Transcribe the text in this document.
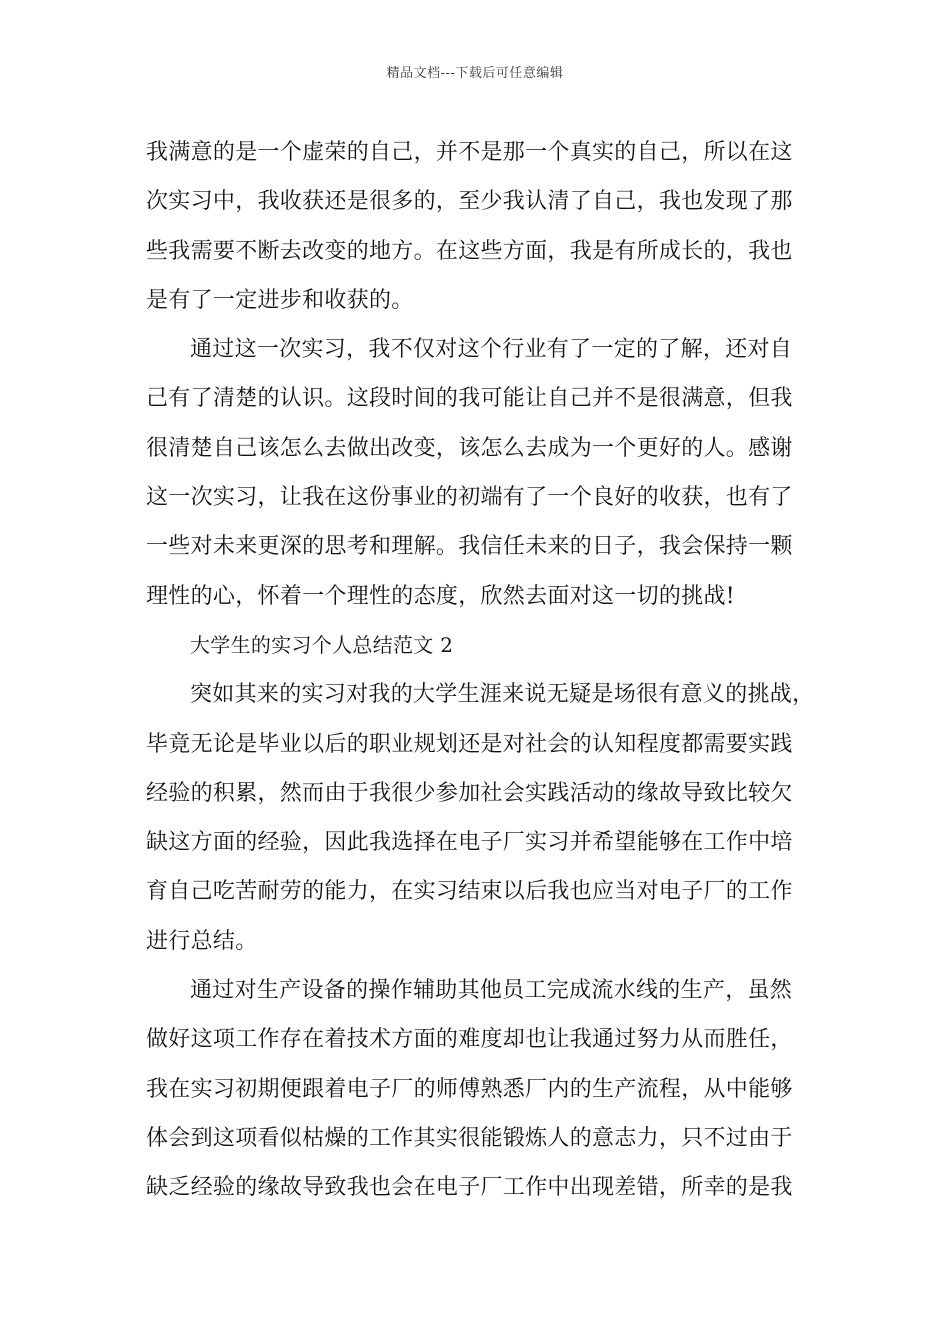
精品文档---下载后可任意编辑
我满意的是一个虚荣的自己，并不是那一个真实的自己，所以在这
次实习中，我收获还是很多的，至少我认清了自己，我也发现了那
些我需要不断去改变的地方。在这些方面，我是有所成长的，我也
是有了一定进步和收获的。
通过这一次实习，我不仅对这个行业有了一定的了解，还对自
己有了清楚的认识。这段时间的我可能让自己并不是很满意，但我
很清楚自己该怎么去做出改变，该怎么去成为一个更好的人。感谢
这一次实习，让我在这份事业的初端有了一个良好的收获，也有了
一些对未来更深的思考和理解。我信任未来的日子，我会保持一颗
理性的心，怀着一个理性的态度，欣然去面对这一切的挑战!
大学生的实习个人总结范文 2
突如其来的实习对我的大学生涯来说无疑是场很有意义的挑战，
毕竟无论是毕业以后的职业规划还是对社会的认知程度都需要实践
经验的积累，然而由于我很少参加社会实践活动的缘故导致比较欠
缺这方面的经验，因此我选择在电子厂实习并希望能够在工作中培
育自己吃苦耐劳的能力，在实习结束以后我也应当对电子厂的工作
进行总结。
通过对生产设备的操作辅助其他员工完成流水线的生产，虽然
做好这项工作存在着技术方面的难度却也让我通过努力从而胜任，
我在实习初期便跟着电子厂的师傅熟悉厂内的生产流程，从中能够
体会到这项看似枯燥的工作其实很能锻炼人的意志力，只不过由于
缺乏经验的缘故导致我也会在电子厂工作中出现差错，所幸的是我
